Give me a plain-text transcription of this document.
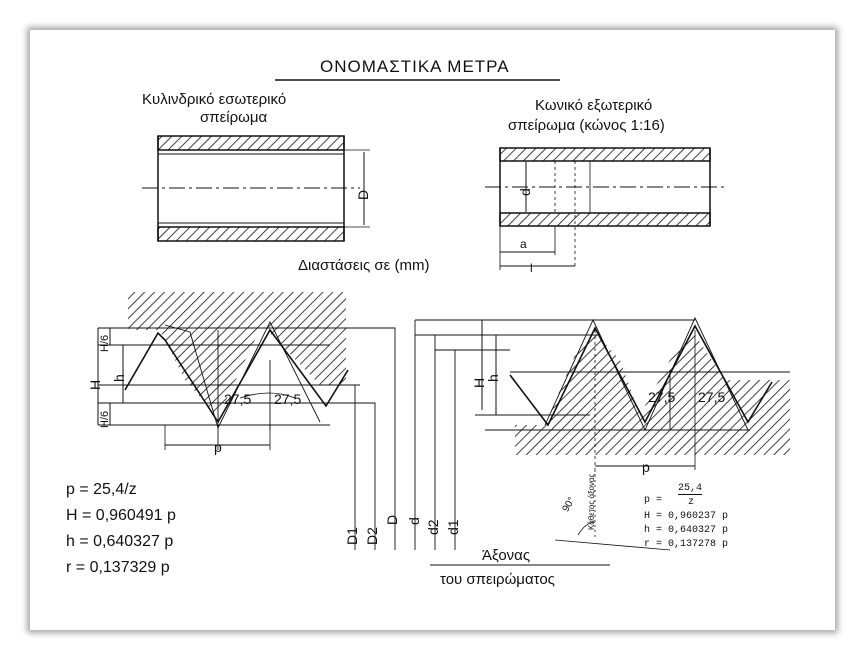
ΟΝΟΜΑΣΤΙΚΑ ΜΕΤΡΑ
Κυλινδρικό εσωτερικό
σπείρωμα
Κωνικό εξωτερικό
σπείρωμα (κώνος 1:16)
Διαστάσεις σε (mm)
D	d
a
l
H
H/6
H/6
h
p
27,5 27,5
D1 D2
D
H
h
27,5 27,5
p
d d2 d1
90° Κάθετος άξονας
p = 25,4/z
H = 0,960491 p
h = 0,640327 p
r = 0,137329 p
p =
25,4
z
H = 0,960237 p
h = 0,640327 p
r = 0,137278 p
Άξονας
του σπειρώματος
